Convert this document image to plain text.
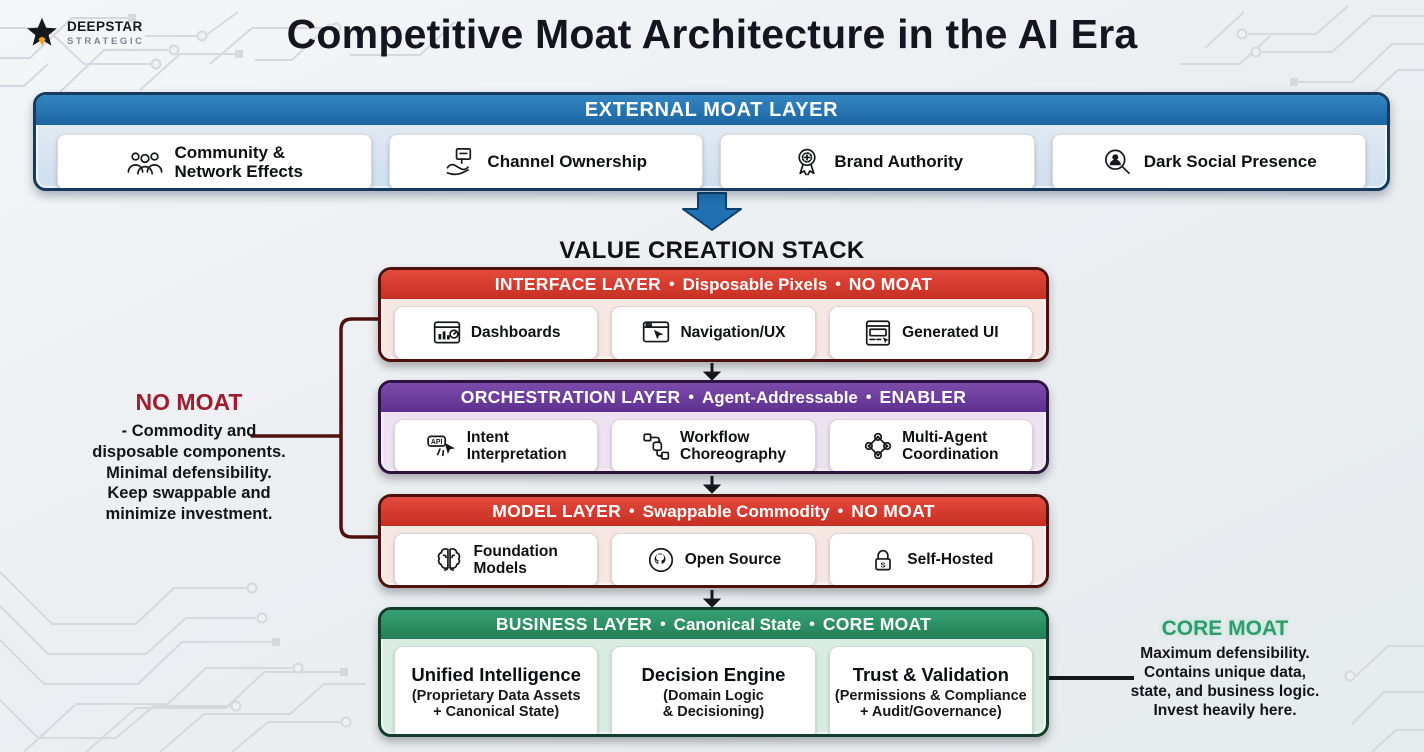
DEEPSTAR
STRATEGIC	Competitive Moat Architecture in the AI Era
EXTERNAL MOAT LAYER
Community &
Network Effects
Channel Ownership	Brand Authority	Dark Social Presence
VALUE CREATION STACK
INTERFACE LAYER • Disposable Pixels • NO MOAT
Dashboards	Navigation/UX	Generated UI
ORCHESTRATION LAYER • Agent-Addressable • ENABLER
API Intent
Interpretation
Workflow
Choreography
Multi-Agent
Coordination
MODEL LAYER • Swappable Commodity • NO MOAT
Foundation
Models
Open Source	S Self-Hosted
BUSINESS LAYER • Canonical State • CORE MOAT
Unified Intelligence
(Proprietary Data Assets
+ Canonical State)
Decision Engine
(Domain Logic
& Decisioning)
Trust & Validation
(Permissions & Compliance
+ Audit/Governance)
NO MOAT
- Commodity and
disposable components.
Minimal defensibility.
Keep swappable and
minimize investment.
CORE MOAT
Maximum defensibility.
Contains unique data,
state, and business logic.
Invest heavily here.
